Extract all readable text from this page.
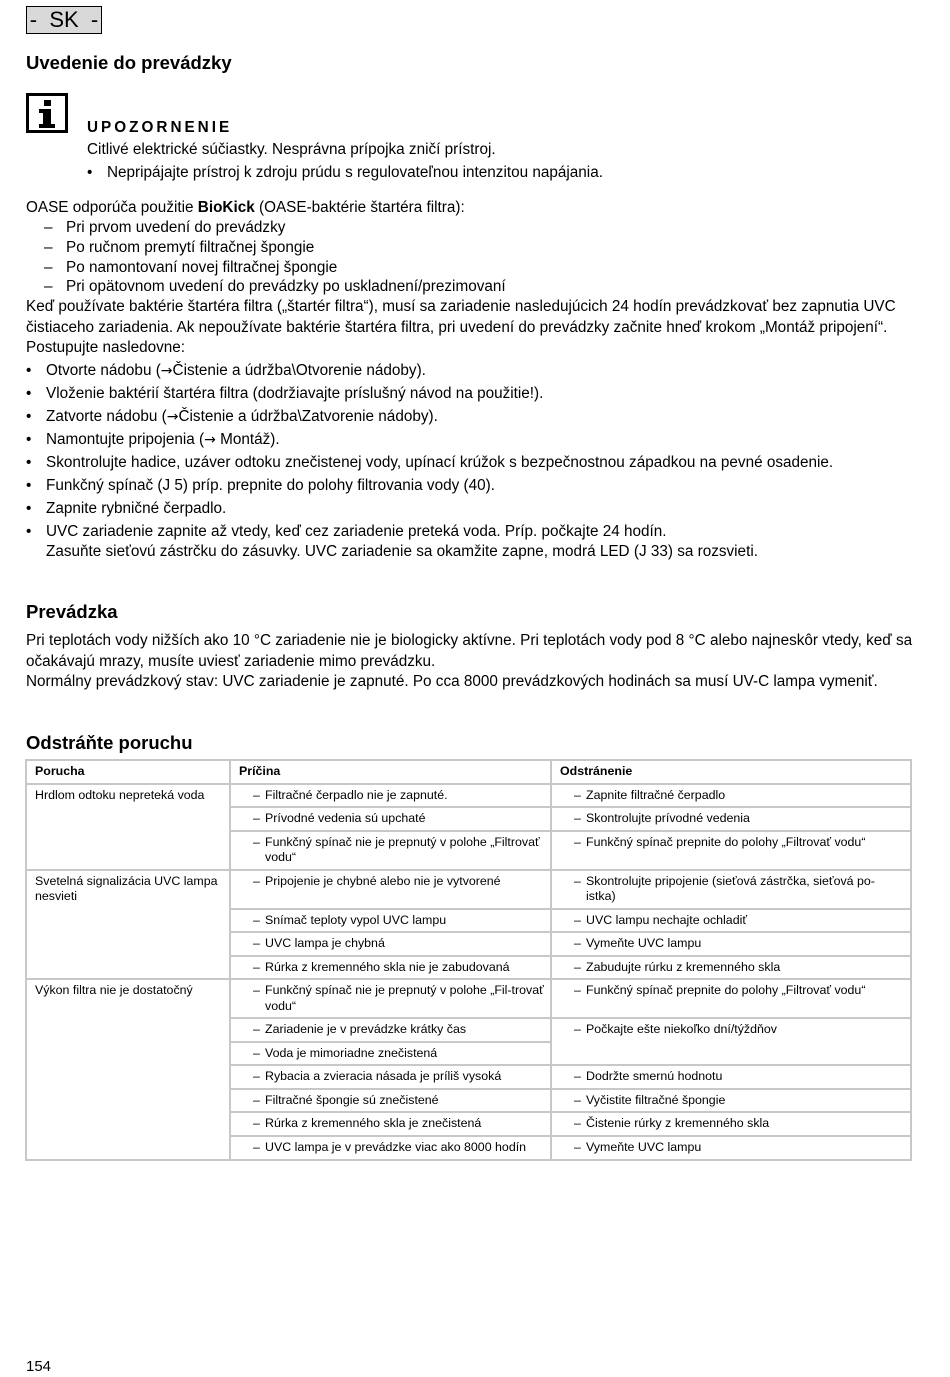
-  SK  -
Uvedenie do prevádzky
UPOZORNENIE
Citlivé elektrické súčiastky. Nesprávna prípojka zničí prístroj.
• Nepripájajte prístroj k zdroju prúdu s regulovateľnou intenzitou napájania.
OASE odporúča použitie BioKick (OASE-baktérie štartéra filtra):
– Pri prvom uvedení do prevádzky
– Po ručnom premytí filtračnej špongie
– Po namontovaní novej filtračnej špongie
– Pri opätovnom uvedení do prevádzky po uskladnení/prezimovaní

Keď používate baktérie štartéra filtra („štartér filtra“), musí sa zariadenie nasledujúcich 24 hodín prevádzkovať bez zapnutia UVC čistiaceho zariadenia. Ak nepoužívate baktérie štartéra filtra, pri uvedení do prevádzky začnite hneď krokom „Montáž pripojení“.

Postupujte nasledovne:

• Otvorte nádobu (→Čistenie a údržba\Otvorenie nádoby).
• Vloženie baktérií štartéra filtra (dodržiavajte príslušný návod na použitie!).
• Zatvorte nádobu (→Čistenie a údržba\Zatvorenie nádoby).
• Namontujte pripojenia (→ Montáž).
• Skontrolujte hadice, uzáver odtoku znečistenej vody, upínací krúžok s bezpečnostnou západkou na pevné osadenie.
• Funkčný spínač (J 5) príp. prepnite do polohy filtrovania vody (40).
• Zapnite rybničné čerpadlo.
• UVC zariadenie zapnite až vtedy, keď cez zariadenie preteká voda. Príp. počkajte 24 hodín.
Zasuňte sieťovú zástrčku do zásuvky. UVC zariadenie sa okamžite zapne, modrá LED (J 33) sa rozsvieti.
Prevádzka

Pri teplotách vody nižších ako 10 °C zariadenie nie je biologicky aktívne. Pri teplotách vody pod 8 °C alebo najneskôr vtedy, keď sa očakávajú mrazy, musíte uviesť zariadenie mimo prevádzku.

Normálny prevádzkový stav: UVC zariadenie je zapnuté. Po cca 8000 prevádzkových hodinách sa musí UV-C lampa vymeniť.

Odstráňte poruchu
Porucha	Príčina	Odstránenie
Hrdlom odtoku nepreteká voda	– Filtračné čerpadlo nie je zapnuté.	– Zapnite filtračné čerpadlo

	– Prívodné vedenia sú upchaté	– Skontrolujte prívodné vedenia

	– Funkčný spínač nie je prepnutý v polohe „Filtrovať vodu“	– Funkčný spínač prepnite do polohy „Filtrovať vodu“

Svetelná signalizácia UVC lampa nesvieti	– Pripojenie je chybné alebo nie je vytvorené	– Skontrolujte pripojenie (sieťová zástrčka, sieťová po-istka)

	– Snímač teploty vypol UVC lampu	– UVC lampu nechajte ochladiť

	– UVC lampa je chybná	– Vymeňte UVC lampu

	– Rúrka z kremenného skla nie je zabudovaná	– Zabudujte rúrku z kremenného skla

Výkon filtra nie je dostatočný	– Funkčný spínač nie je prepnutý v polohe „Fil-trovať vodu“	– Funkčný spínač prepnite do polohy „Filtrovať vodu“

	– Zariadenie je v prevádzke krátky čas	– Počkajte ešte niekoľko dní/týždňov

	– Voda je mimoriadne znečistená	

	– Rybacia a zvieracia násada je príliš vysoká	– Dodržte smernú hodnotu

	– Filtračné špongie sú znečistené	– Vyčistite filtračné špongie

	– Rúrka z kremenného skla je znečistená	– Čistenie rúrky z kremenného skla

	– UVC lampa je v prevádzke viac ako 8000 hodín	– Vymeňte UVC lampu
154
